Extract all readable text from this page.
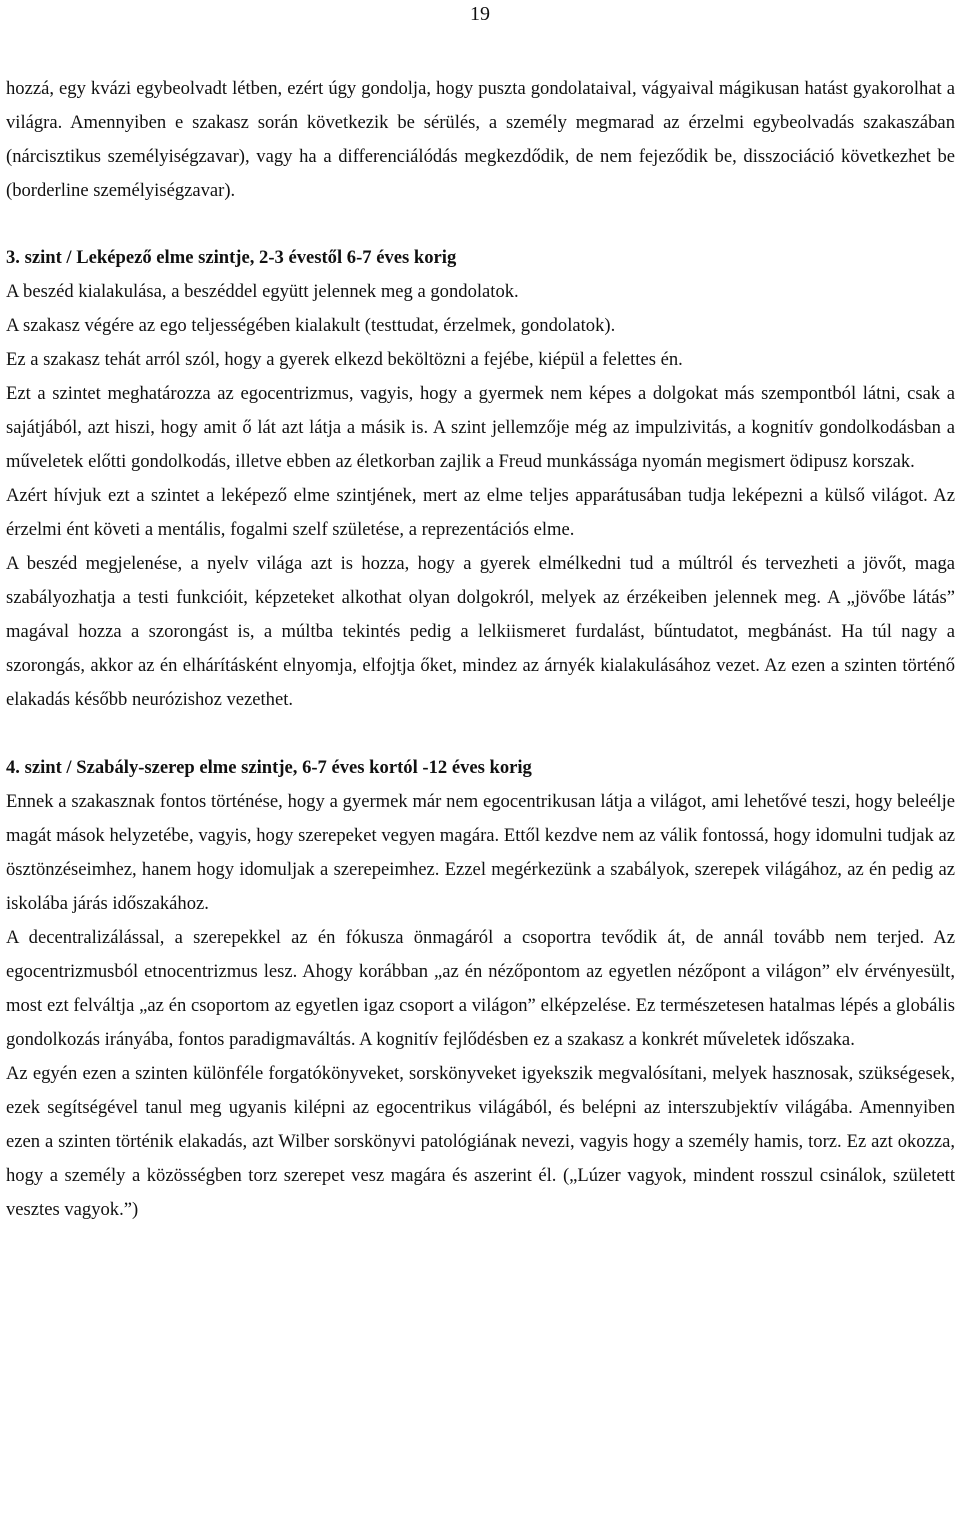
19

hozzá, egy kvázi egybeolvadt létben, ezért úgy gondolja, hogy puszta gondolataival, vágyaival mágikusan hatást gyakorolhat a világra. Amennyiben e szakasz során következik be sérülés, a személy megmarad az érzelmi egybeolvadás szakaszában (nárcisztikus személyiségzavar), vagy ha a differenciálódás megkezdődik, de nem fejeződik be, disszociáció következhet be (borderline személyiségzavar).

3. szint / Leképező elme szintje, 2-3 évestől 6-7 éves korig

A beszéd kialakulása, a beszéddel együtt jelennek meg a gondolatok.

A szakasz végére az ego teljességében kialakult (testtudat, érzelmek, gondolatok).

Ez a szakasz tehát arról szól, hogy a gyerek elkezd beköltözni a fejébe, kiépül a felettes én.

Ezt a szintet meghatározza az egocentrizmus, vagyis, hogy a gyermek nem képes a dolgokat más szempontból látni, csak a sajátjából, azt hiszi, hogy amit ő lát azt látja a másik is. A szint jellemzője még az impulzivitás, a kognitív gondolkodásban a műveletek előtti gondolkodás, illetve ebben az életkorban zajlik a Freud munkássága nyomán megismert ödipusz korszak.

Azért hívjuk ezt a szintet a leképező elme szintjének, mert az elme teljes apparátusában tudja leképezni a külső világot. Az érzelmi ént követi a mentális, fogalmi szelf születése, a reprezentációs elme.

A beszéd megjelenése, a nyelv világa azt is hozza, hogy a gyerek elmélkedni tud a múltról és tervezheti a jövőt, maga szabályozhatja a testi funkcióit, képzeteket alkothat olyan dolgokról, melyek az érzékeiben jelennek meg. A „jövőbe látás” magával hozza a szorongást is, a múltba tekintés pedig a lelkiismeret furdalást, bűntudatot, megbánást. Ha túl nagy a szorongás, akkor az én elhárításként elnyomja, elfojtja őket, mindez az árnyék kialakulásához vezet. Az ezen a szinten történő elakadás később neurózishoz vezethet.

4. szint / Szabály-szerep elme szintje, 6-7 éves kortól -12 éves korig

Ennek a szakasznak fontos történése, hogy a gyermek már nem egocentrikusan látja a világot, ami lehetővé teszi, hogy beleélje magát mások helyzetébe, vagyis, hogy szerepeket vegyen magára. Ettől kezdve nem az válik fontossá, hogy idomulni tudjak az ösztönzéseimhez, hanem hogy idomuljak a szerepeimhez. Ezzel megérkezünk a szabályok, szerepek világához, az én pedig az iskolába járás időszakához.

A decentralizálással, a szerepekkel az én fókusza önmagáról a csoportra tevődik át, de annál tovább nem terjed. Az egocentrizmusból etnocentrizmus lesz. Ahogy korábban „az én nézőpontom az egyetlen nézőpont a világon” elv érvényesült, most ezt felváltja „az én csoportom az egyetlen igaz csoport a világon” elképzelése. Ez természetesen hatalmas lépés a globális gondolkozás irányába, fontos paradigmaváltás. A kognitív fejlődésben ez a szakasz a konkrét műveletek időszaka.

Az egyén ezen a szinten különféle forgatókönyveket, sorskönyveket igyekszik megvalósítani, melyek hasznosak, szükségesek, ezek segítségével tanul meg ugyanis kilépni az egocentrikus világából, és belépni az interszubjektív világába. Amennyiben ezen a szinten történik elakadás, azt Wilber sorskönyvi patológiának nevezi, vagyis hogy a személy hamis, torz. Ez azt okozza, hogy a személy a közösségben torz szerepet vesz magára és aszerint él. („Lúzer vagyok, mindent rosszul csinálok, született vesztes vagyok.”)
